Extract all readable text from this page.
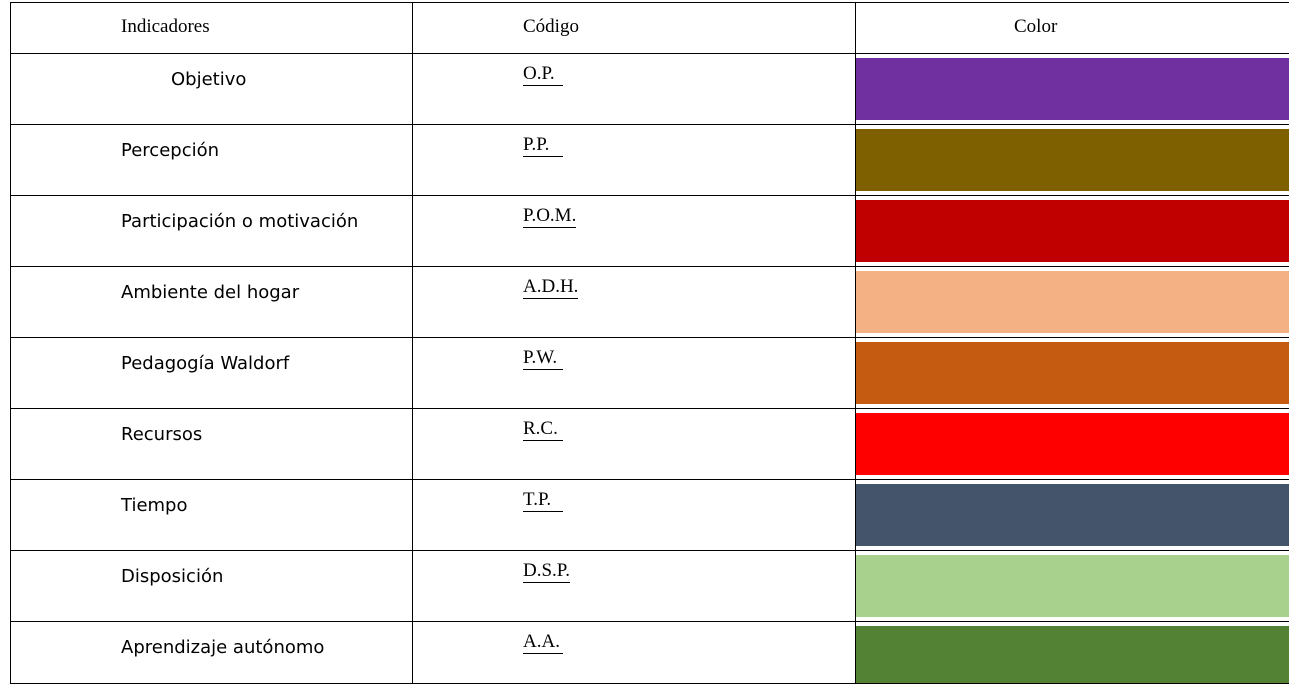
Indicadores	Código	Color
Objetivo	O.P.	

Percepción	P.P.	

Participación o motivación	P.O.M.	

Ambiente del hogar	A.D.H.	

Pedagogía Waldorf	P.W.	

Recursos	R.C.	

Tiempo	T.P.	

Disposición	D.S.P.	

Aprendizaje autónomo	A.A.	
